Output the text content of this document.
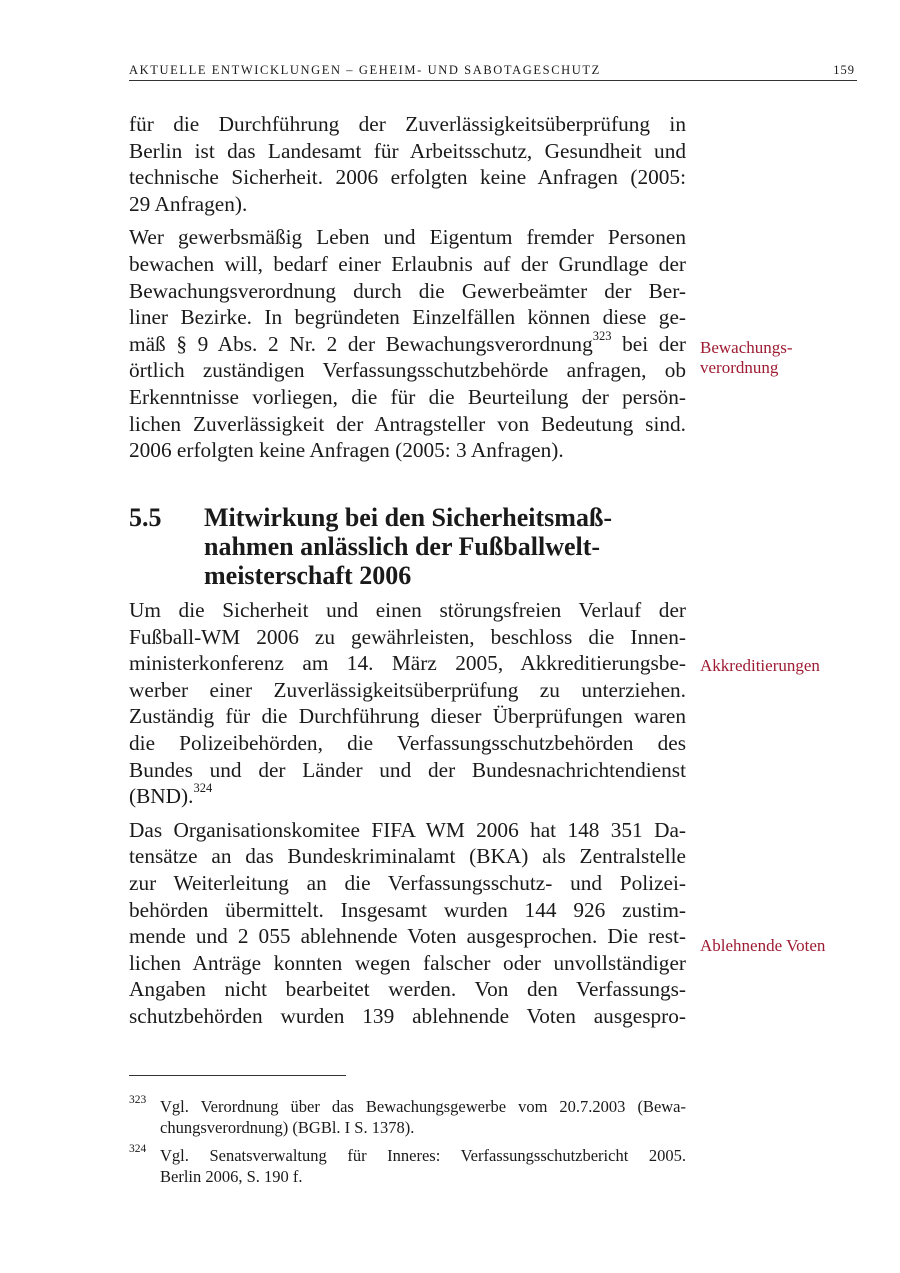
AKTUELLE ENTWICKLUNGEN – GEHEIM- UND SABOTAGESCHUTZ	159
für die Durchführung der Zuverlässigkeitsüberprüfung in
Berlin ist das Landesamt für Arbeitsschutz, Gesundheit und
technische Sicherheit. 2006 erfolgten keine Anfragen (2005:
29 Anfragen).
Wer gewerbsmäßig Leben und Eigentum fremder Personen
bewachen will, bedarf einer Erlaubnis auf der Grundlage der
Bewachungsverordnung durch die Gewerbeämter der Ber-
liner Bezirke. In begründeten Einzelfällen können diese ge-
mäß § 9 Abs. 2 Nr. 2 der Bewachungsverordnung$^{323}$ bei der
örtlich zuständigen Verfassungsschutzbehörde anfragen, ob
Erkenntnisse vorliegen, die für die Beurteilung der persön-
lichen Zuverlässigkeit der Antragsteller von Bedeutung sind.
2006 erfolgten keine Anfragen (2005: 3 Anfragen).
5.5 Mitwirkung bei den Sicherheitsmaß-
nahmen anlässlich der Fußballwelt-
meisterschaft 2006
Um die Sicherheit und einen störungsfreien Verlauf der
Fußball-WM 2006 zu gewährleisten, beschloss die Innen-
ministerkonferenz am 14. März 2005, Akkreditierungsbe-
werber einer Zuverlässigkeitsüberprüfung zu unterziehen.
Zuständig für die Durchführung dieser Überprüfungen waren
die Polizeibehörden, die Verfassungsschutzbehörden des
Bundes und der Länder und der Bundesnachrichtendienst
(BND).$^{324}$
Das Organisationskomitee FIFA WM 2006 hat 148 351 Da-
tensätze an das Bundeskriminalamt (BKA) als Zentralstelle
zur Weiterleitung an die Verfassungsschutz- und Polizei-
behörden übermittelt. Insgesamt wurden 144 926 zustim-
mende und 2 055 ablehnende Voten ausgesprochen. Die rest-
lichen Anträge konnten wegen falscher oder unvollständiger
Angaben nicht bearbeitet werden. Von den Verfassungs-
schutzbehörden wurden 139 ablehnende Voten ausgespro-
Bewachungs-
verordnung
Akkreditierungen
Ablehnende Voten
323 Vgl. Verordnung über das Bewachungsgewerbe vom 20.7.2003 (Bewa-
chungsverordnung) (BGBl. I S. 1378).
324 Vgl. Senatsverwaltung für Inneres: Verfassungsschutzbericht 2005.
Berlin 2006, S. 190 f.
